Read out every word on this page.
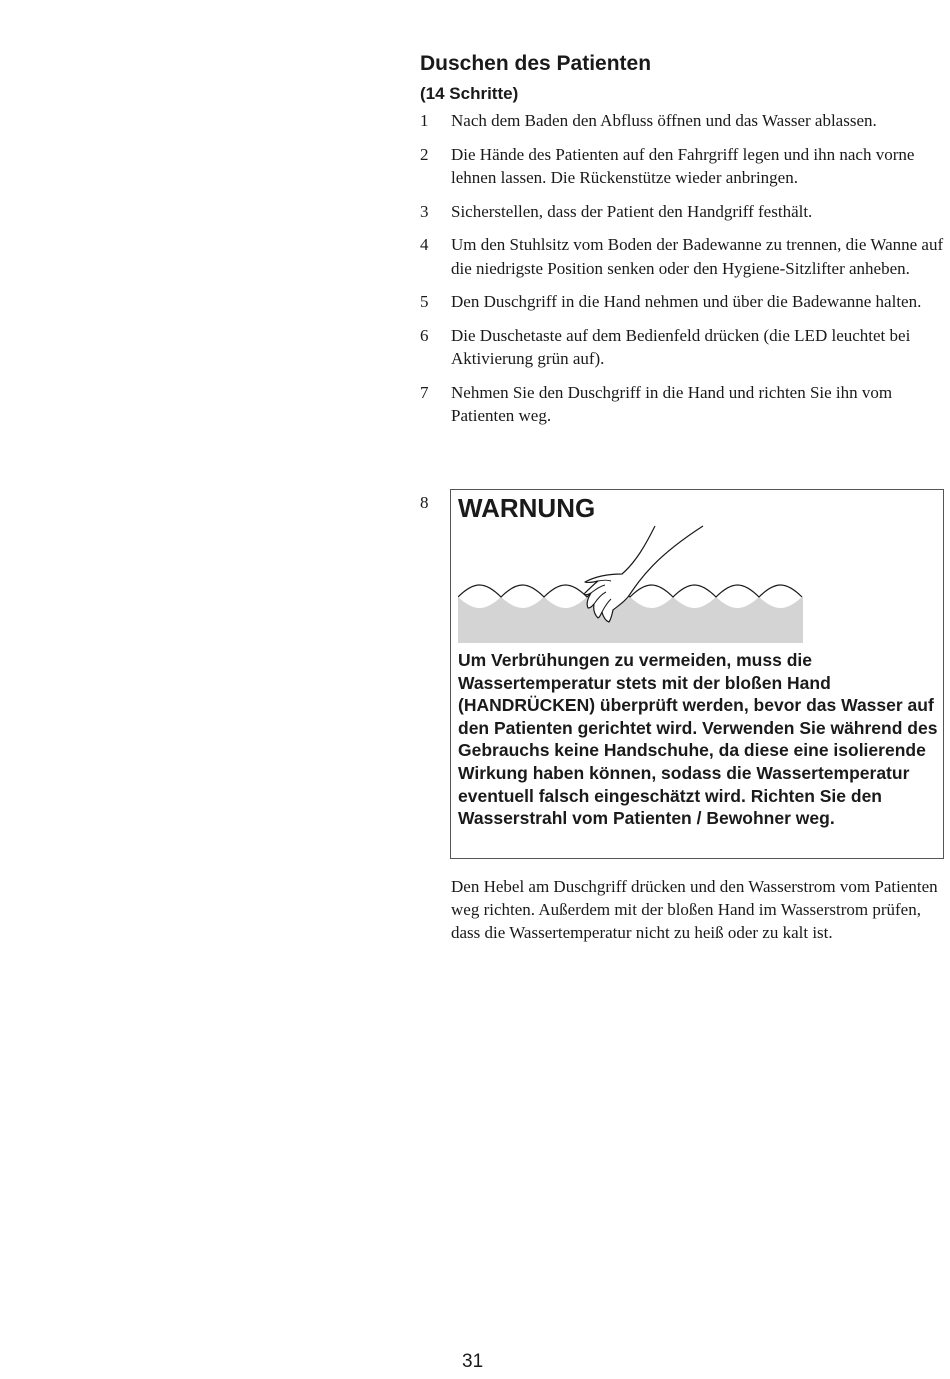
Duschen des Patienten
(14 Schritte)
1	Nach dem Baden den Abfluss öffnen und das Wasser ablassen.
2	Die Hände des Patienten auf den Fahrgriff legen und ihn nach vorne lehnen lassen. Die Rückenstütze wieder anbringen.
3	Sicherstellen, dass der Patient den Handgriff festhält.
4	Um den Stuhlsitz vom Boden der Badewanne zu trennen, die Wanne auf die niedrigste Position senken oder den Hygiene-Sitzlifter anheben.
5	Den Duschgriff in die Hand nehmen und über die Badewanne halten.
6	Die Duschetaste auf dem Bedienfeld drücken (die LED leuchtet bei Aktivierung grün auf).
7	Nehmen Sie den Duschgriff in die Hand und richten Sie ihn vom Patienten weg.
8 WARNUNG
Um Verbrühungen zu vermeiden, muss die Wassertemperatur stets mit der bloßen Hand (HANDRÜCKEN) überprüft werden, bevor das Wasser auf den Patienten gerichtet wird. Verwenden Sie während des Gebrauchs keine Handschuhe, da diese eine isolierende Wirkung haben können, sodass die Wassertemperatur eventuell falsch eingeschätzt wird. Richten Sie den Wasserstrahl vom Patienten / Bewohner weg.
Den Hebel am Duschgriff drücken und den Wasserstrom vom Patienten weg richten. Außerdem mit der bloßen Hand im Wasserstrom prüfen, dass die Wassertemperatur nicht zu heiß oder zu kalt ist.
31
